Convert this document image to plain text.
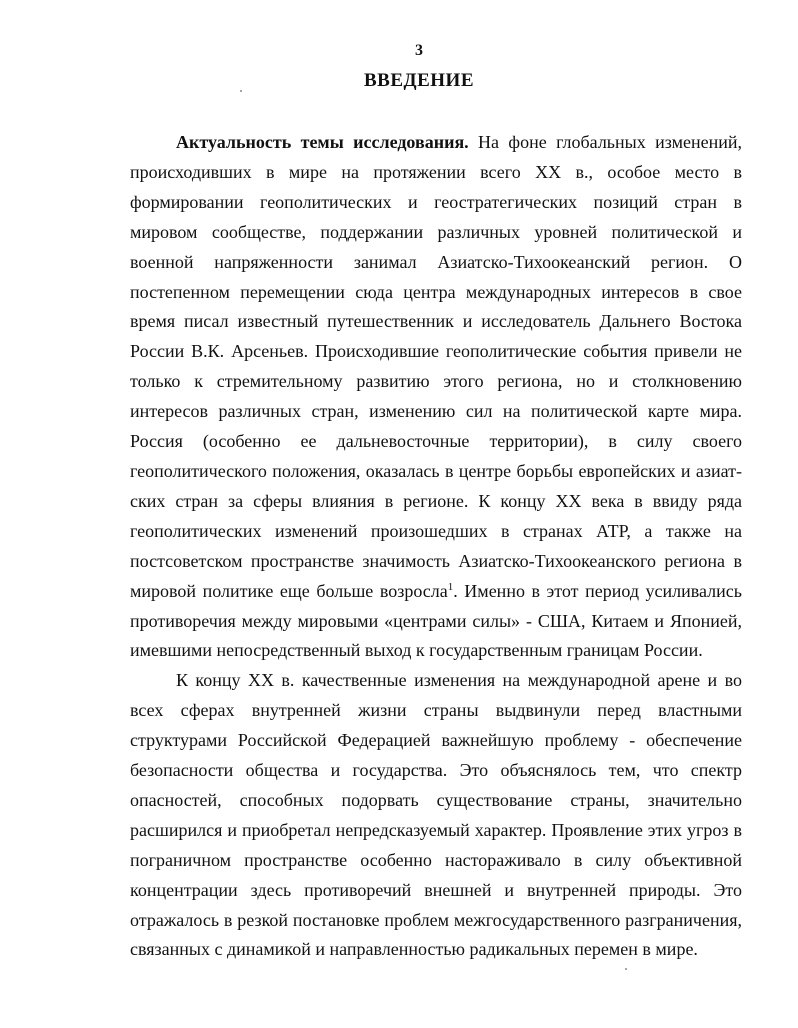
3
ВВЕДЕНИЕ

Актуальность темы исследования. На фоне глобальных изменений, происходивших в мире на протяжении всего XX в., особое место в формировании геополитических и геостратегических позиций стран в мировом сообществе, поддержании различных уровней политической и военной напряженности занимал Азиатско-Тихоокеанский регион. О постепенном перемещении сюда центра международных интересов в свое время писал известный путешественник и исследователь Дальнего Востока России В.К. Арсеньев. Происходившие геополитические события привели не только к стремительному развитию этого региона, но и столкновению интересов различных стран, изменению сил на политической карте мира. Россия (особенно ее дальневосточные территории), в силу своего геополитического положения, оказалась в центре борьбы европейских и азиатских стран за сферы влияния в регионе. К концу XX века в ввиду ряда геополитических изменений произошедших в странах АТР, а также на постсоветском пространстве значимость Азиатско-Тихоокеанского региона в мировой политике еще больше возросла$^1$. Именно в этот период усиливались противоречия между мировыми «центрами силы» - США, Китаем и Японией, имевшими непосредственный выход к государственным границам России.

К концу XX в. качественные изменения на международной арене и во всех сферах внутренней жизни страны выдвинули перед властными структурами Российской Федерацией важнейшую проблему - обеспечение безопасности общества и государства. Это объяснялось тем, что спектр опасностей, способных подорвать существование страны, значительно расширился и приобретал непредсказуемый характер. Проявление этих угроз в пограничном пространстве особенно настораживало в силу объективной концентрации здесь противоречий внешней и внутренней природы. Это отражалось в резкой постановке проблем межгосударственного разграничения, связанных с динамикой и направленностью радикальных перемен в мире.
